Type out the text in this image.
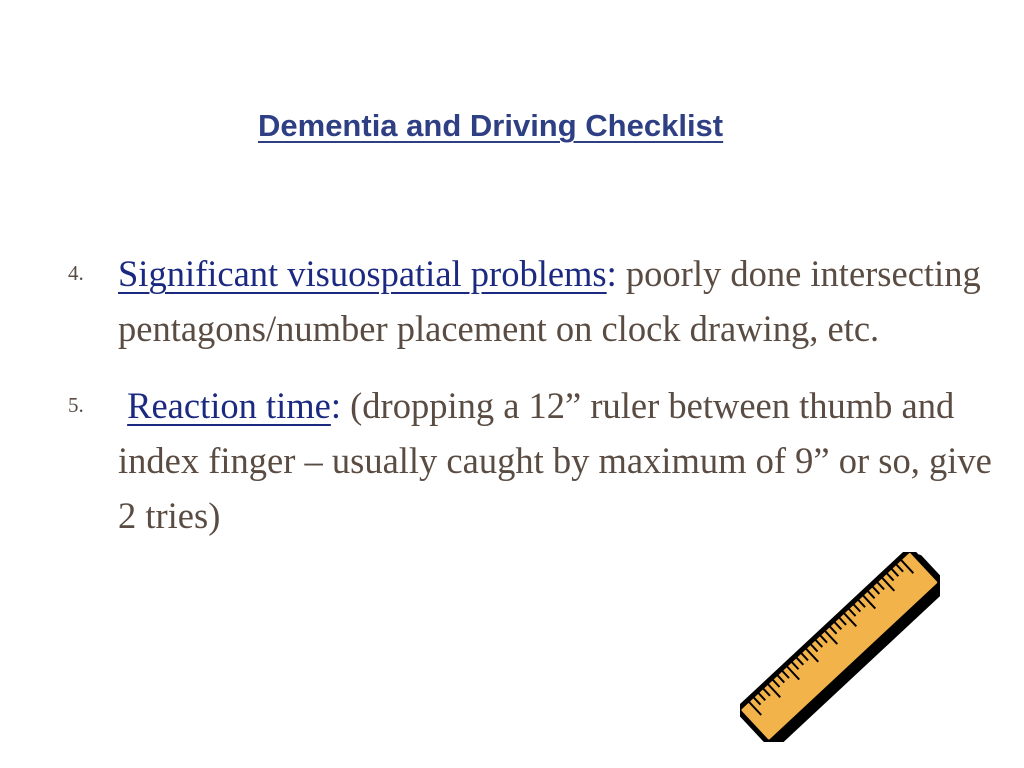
Dementia and Driving Checklist
4. Significant visuospatial problems: poorly done intersecting pentagons/number placement on clock drawing, etc.
5. Reaction time: (dropping a 12” ruler between thumb and index finger – usually caught by maximum of 9” or so, give 2 tries)
